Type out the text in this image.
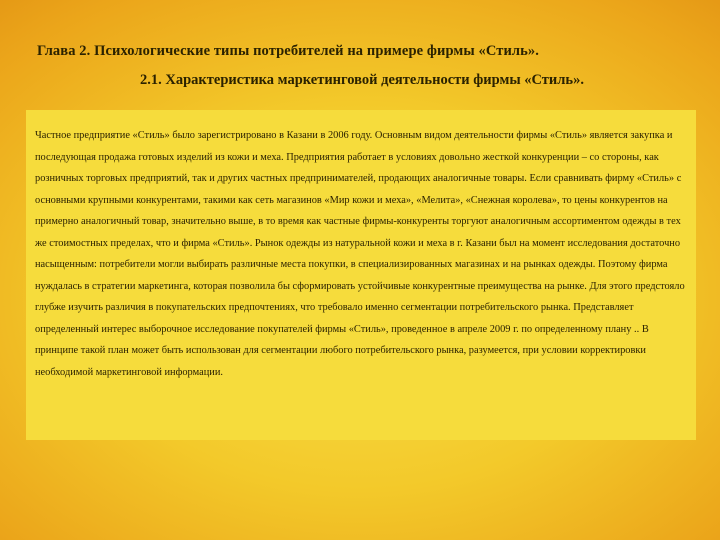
Глава 2. Психологические типы потребителей на примере фирмы «Стиль».
2.1. Характеристика маркетинговой деятельности фирмы «Стиль».

Частное предприятие «Стиль» было зарегистрировано в Казани в 2006 году. Основным видом деятельности фирмы «Стиль» является закупка и последующая продажа готовых изделий из кожи и меха. Предприятия работает в условиях довольно жесткой конкуренции – со стороны, как розничных торговых предприятий, так и других частных предпринимателей, продающих аналогичные товары. Если сравнивать фирму «Стиль» с основными крупными конкурентами, такими как сеть магазинов «Мир кожи и меха», «Мелита», «Снежная королева», то цены конкурентов на примерно аналогичный товар, значительно выше, в то время как частные фирмы-конкуренты торгуют аналогичным ассортиментом одежды в тех же стоимостных пределах, что и фирма «Стиль». Рынок одежды из натуральной кожи и меха в г. Казани был на момент исследования достаточно насыщенным: потребители могли выбирать различные места покупки, в специализированных магазинах и на рынках одежды. Поэтому фирма нуждалась в стратегии маркетинга, которая позволила бы сформировать устойчивые конкурентные преимущества на рынке. Для этого предстояло глубже изучить различия в покупательских предпочтениях, что требовало именно сегментации потребительского рынка. Представляет определенный интерес выборочное исследование покупателей фирмы «Стиль», проведенное в апреле 2009 г. по определенному плану .. В принципе такой план может быть использован для сегментации любого потребительского рынка, разумеется, при условии корректировки необходимой маркетинговой информации.
